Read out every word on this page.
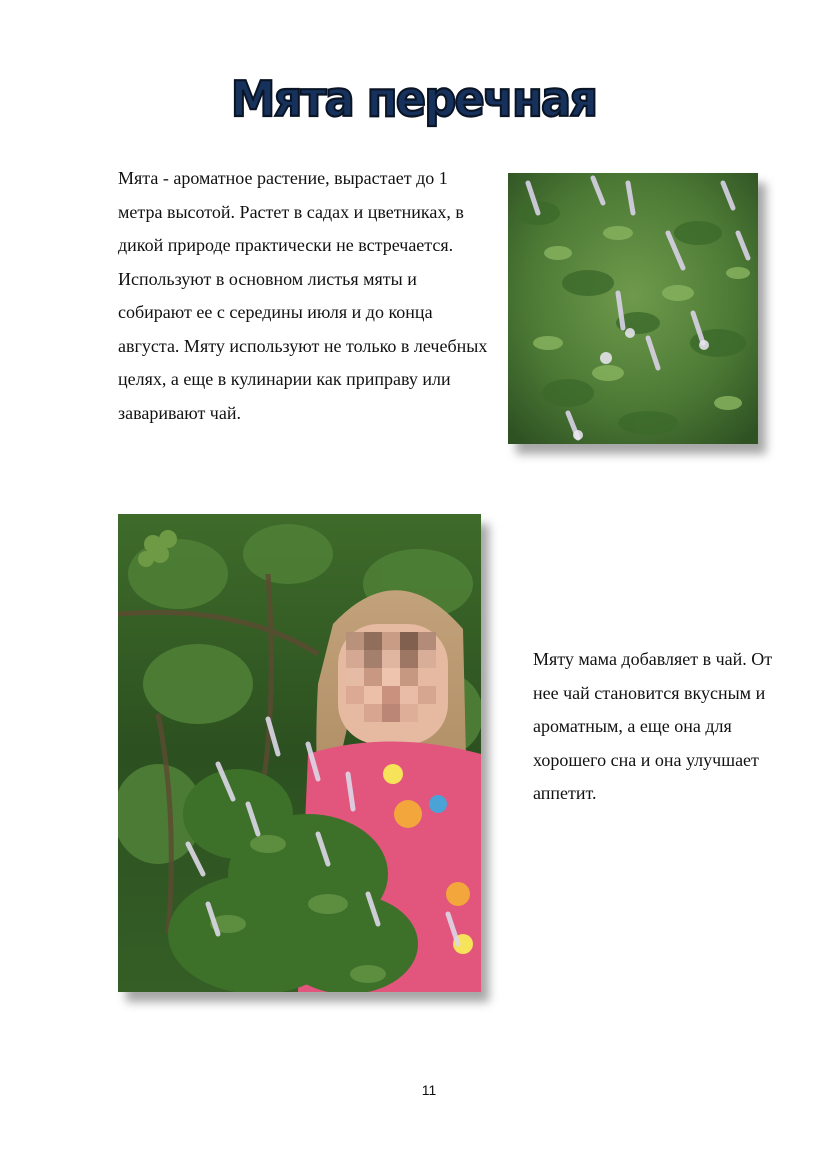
Мята перечная

Мята - ароматное растение, вырастает до 1 метра высотой. Растет в садах и цветниках, в дикой природе практически не встречается. Используют в основном листья мяты и собирают ее с середины июля и до конца августа. Мяту используют не только в лечебных целях, а еще в кулинарии как приправу или заваривают чай.

Мяту мама добавляет в чай. От нее чай становится вкусным и ароматным, а еще она для хорошего сна и она улучшает аппетит.

11
